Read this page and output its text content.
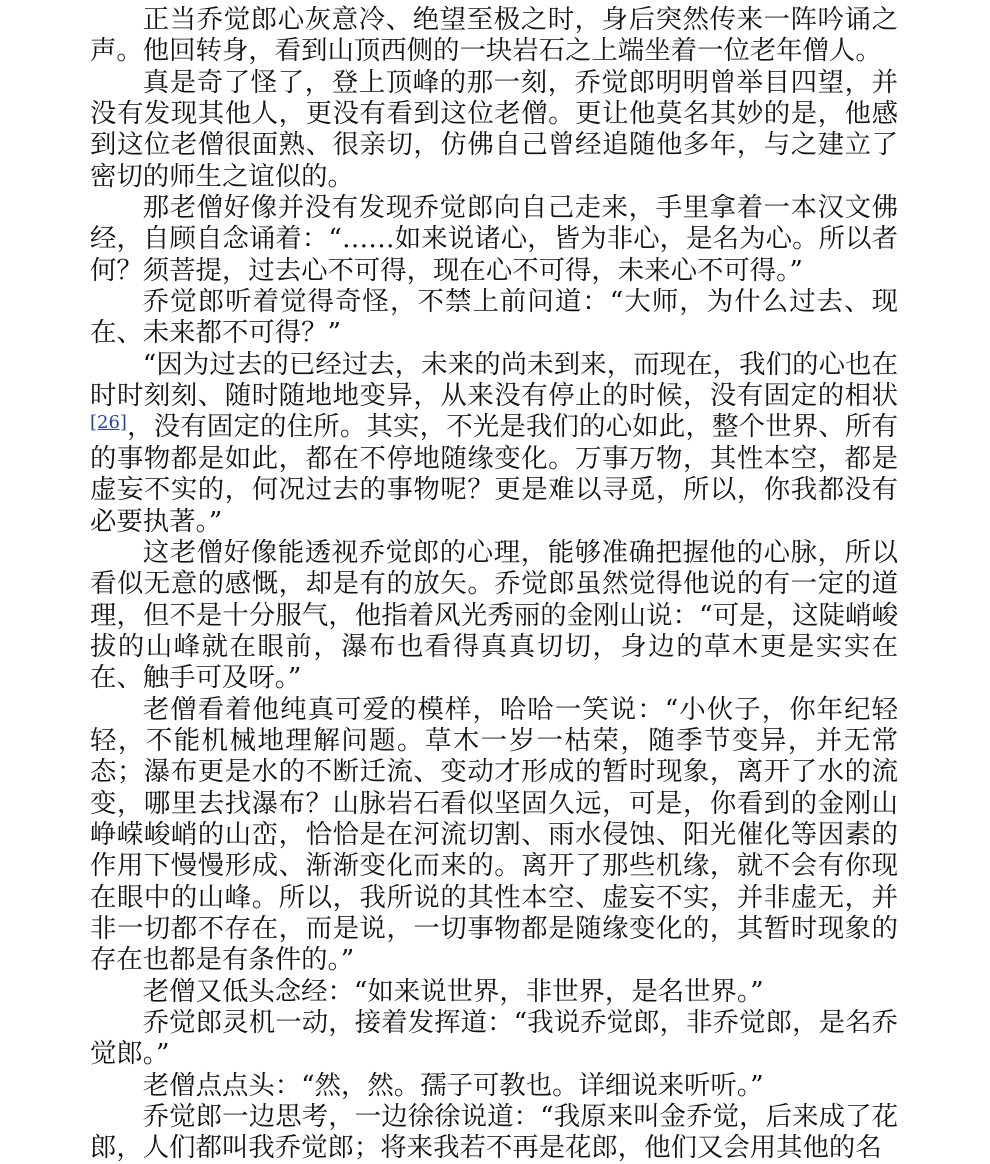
正当乔觉郎心灰意冷、绝望至极之时，身后突然传来一阵吟诵之声。他回转身，看到山顶西侧的一块岩石之上端坐着一位老年僧人。

真是奇了怪了，登上顶峰的那一刻，乔觉郎明明曾举目四望，并没有发现其他人，更没有看到这位老僧。更让他莫名其妙的是，他感到这位老僧很面熟、很亲切，仿佛自己曾经追随他多年，与之建立了密切的师生之谊似的。

那老僧好像并没有发现乔觉郎向自己走来，手里拿着一本汉文佛经，自顾自念诵着：“……如来说诸心，皆为非心，是名为心。所以者何？须菩提，过去心不可得，现在心不可得，未来心不可得。”

乔觉郎听着觉得奇怪，不禁上前问道：“大师，为什么过去、现在、未来都不可得？”

“因为过去的已经过去，未来的尚未到来，而现在，我们的心也在时时刻刻、随时随地地变异，从来没有停止的时候，没有固定的相状[26]，没有固定的住所。其实，不光是我们的心如此，整个世界、所有的事物都是如此，都在不停地随缘变化。万事万物，其性本空，都是虚妄不实的，何况过去的事物呢？更是难以寻觅，所以，你我都没有必要执著。”

这老僧好像能透视乔觉郎的心理，能够准确把握他的心脉，所以看似无意的感慨，却是有的放矢。乔觉郎虽然觉得他说的有一定的道理，但不是十分服气，他指着风光秀丽的金刚山说：“可是，这陡峭峻拔的山峰就在眼前，瀑布也看得真真切切，身边的草木更是实实在在、触手可及呀。”

老僧看着他纯真可爱的模样，哈哈一笑说：“小伙子，你年纪轻轻，不能机械地理解问题。草木一岁一枯荣，随季节变异，并无常态；瀑布更是水的不断迁流、变动才形成的暂时现象，离开了水的流变，哪里去找瀑布？山脉岩石看似坚固久远，可是，你看到的金刚山峥嵘峻峭的山峦，恰恰是在河流切割、雨水侵蚀、阳光催化等因素的作用下慢慢形成、渐渐变化而来的。离开了那些机缘，就不会有你现在眼中的山峰。所以，我所说的其性本空、虚妄不实，并非虚无，并非一切都不存在，而是说，一切事物都是随缘变化的，其暂时现象的存在也都是有条件的。”

老僧又低头念经：“如来说世界，非世界，是名世界。”

乔觉郎灵机一动，接着发挥道：“我说乔觉郎，非乔觉郎，是名乔觉郎。”

老僧点点头：“然，然。孺子可教也。详细说来听听。”

乔觉郎一边思考，一边徐徐说道：“我原来叫金乔觉，后来成了花郎，人们都叫我乔觉郎；将来我若不再是花郎，他们又会用其他的名
